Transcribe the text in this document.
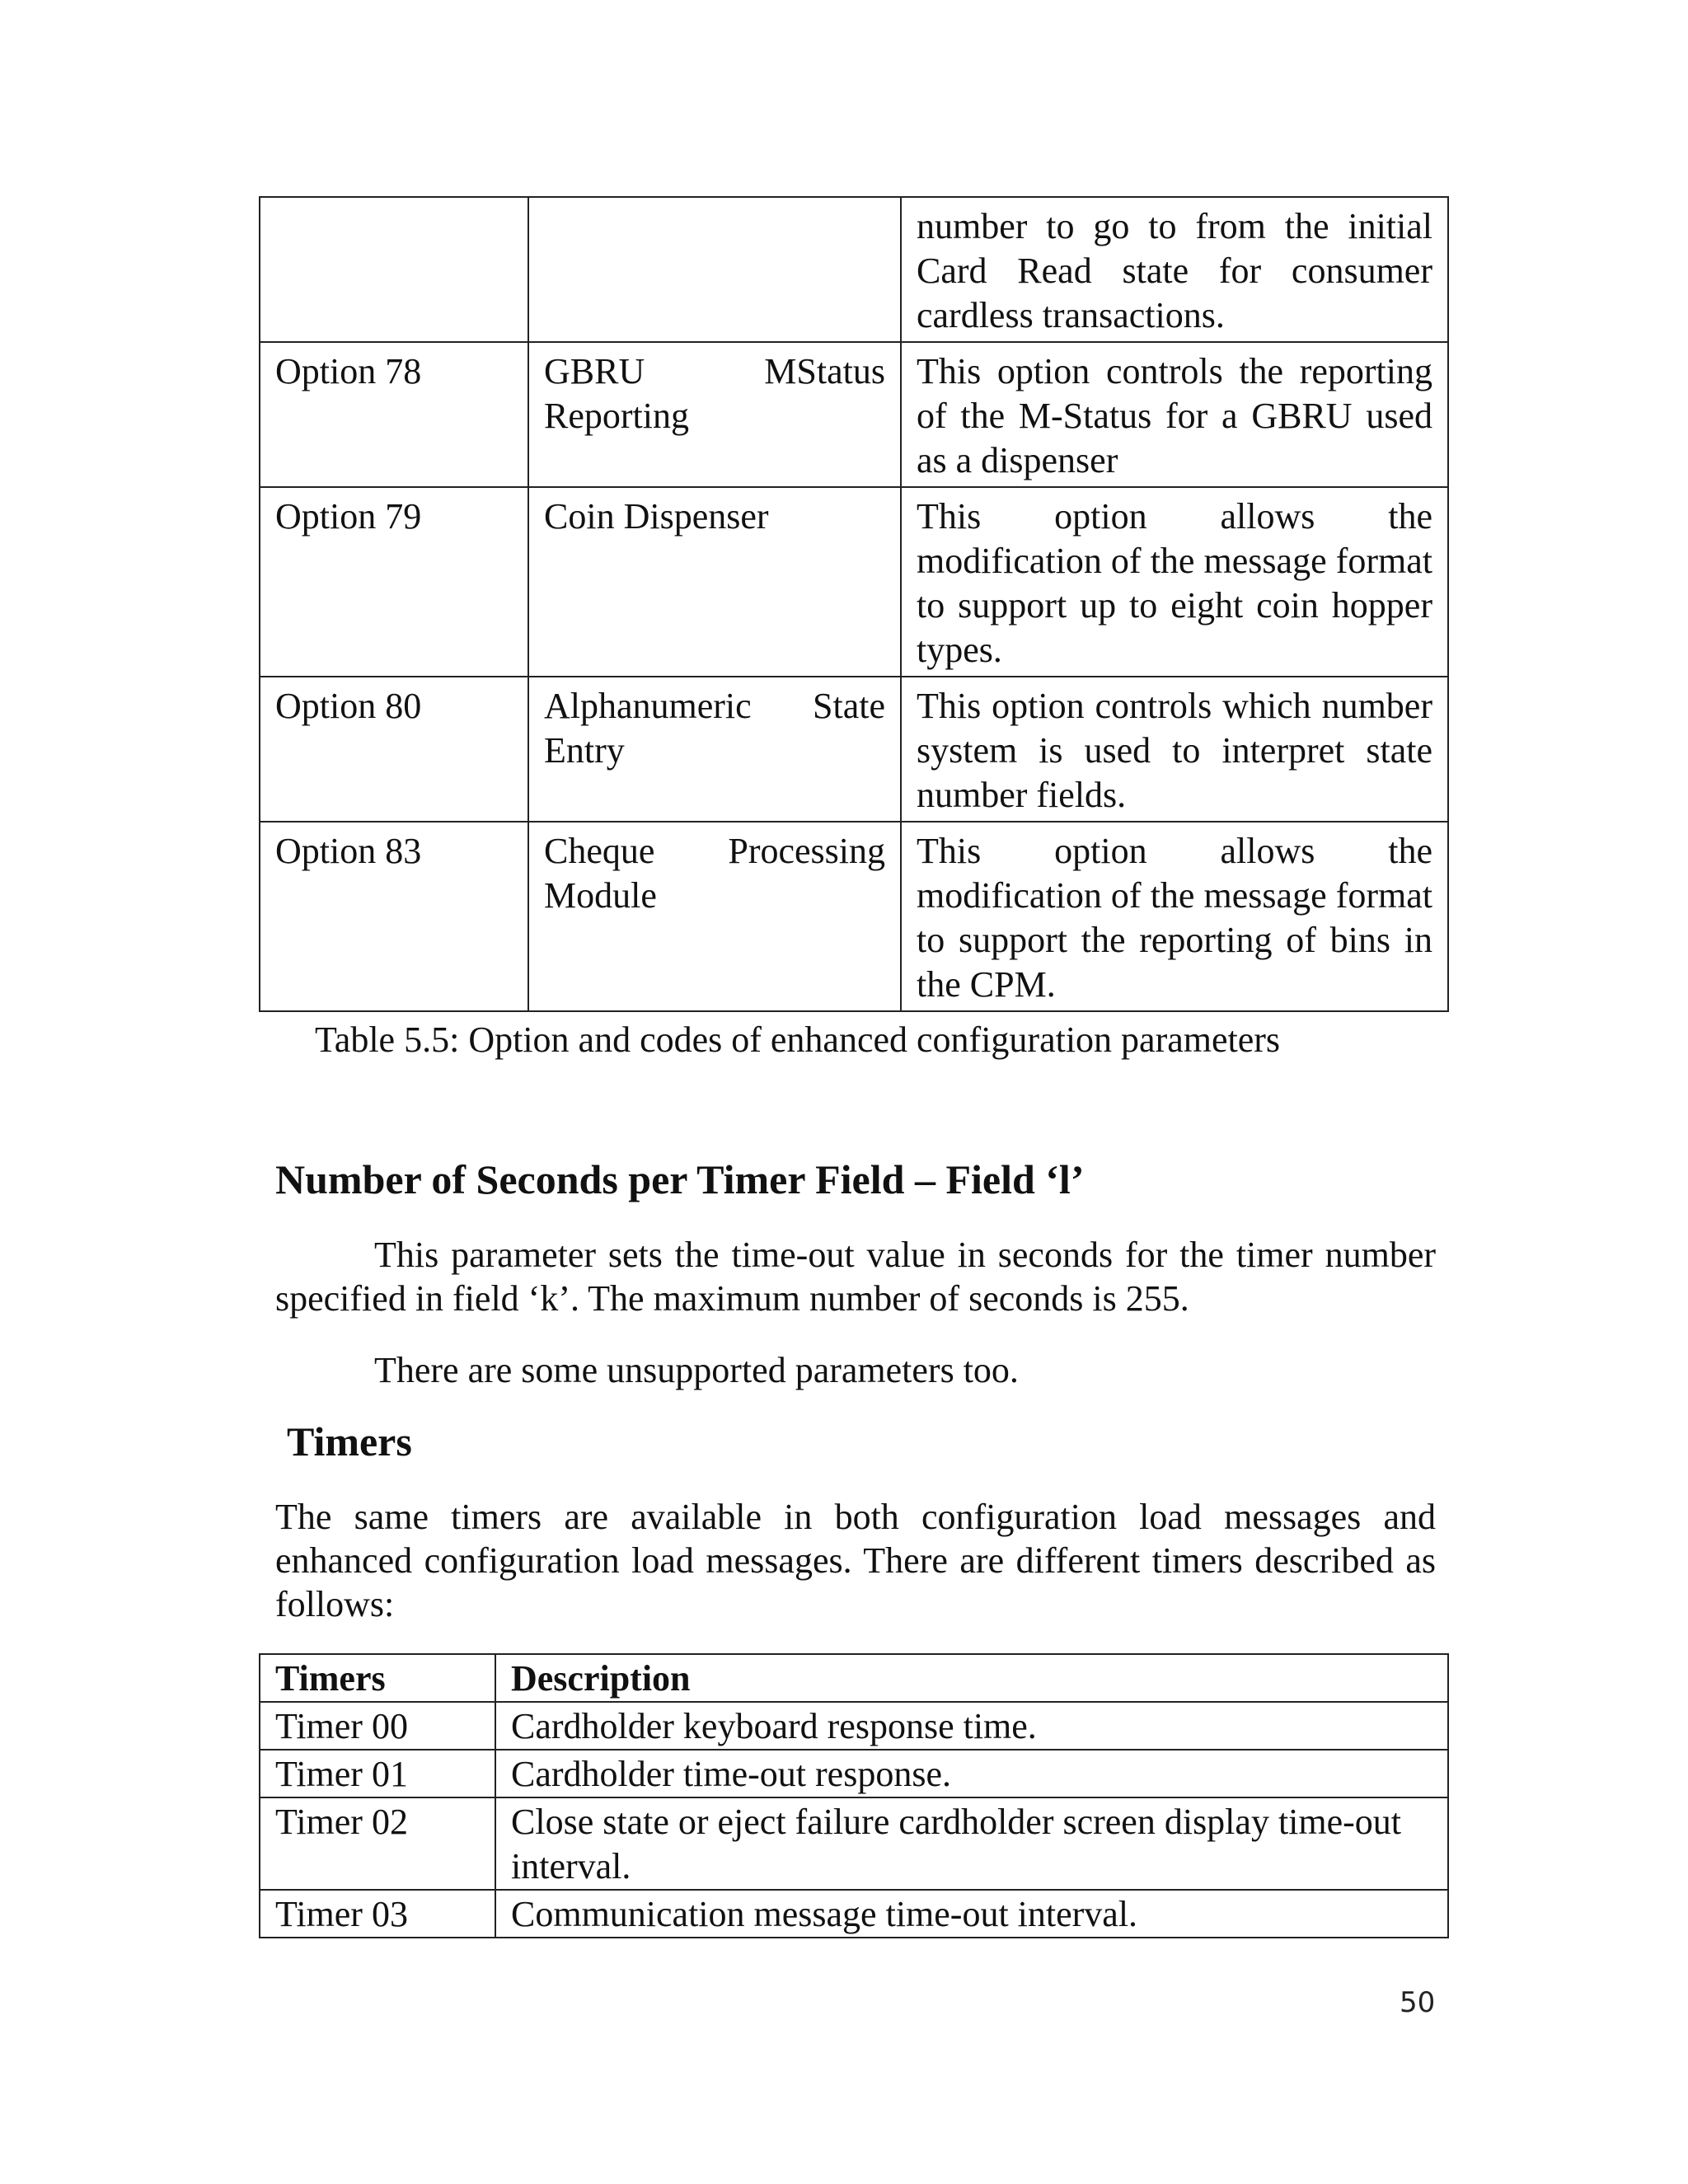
		number to go to from the initial Card Read state for consumer cardless transactions.
Option 78	GBRU MStatus Reporting	This option controls the reporting of the M-Status for a GBRU used as a dispenser
Option 79	Coin Dispenser	This option allows the modification of the message format to support up to eight coin hopper types.
Option 80	Alphanumeric State Entry	This option controls which number system is used to interpret state number fields.
Option 83	Cheque Processing Module	This option allows the modification of the message format to support the reporting of bins in the CPM.
Table 5.5: Option and codes of enhanced configuration parameters
Number of Seconds per Timer Field – Field ‘l’
This parameter sets the time-out value in seconds for the timer number specified in field ‘k’. The maximum number of seconds is 255.
There are some unsupported parameters too.
Timers
The same timers are available in both configuration load messages and enhanced configuration load messages. There are different timers described as follows:
Timers	Description
Timer 00	Cardholder keyboard response time.
Timer 01	Cardholder time-out response.
Timer 02	Close state or eject failure cardholder screen display time-out interval.
Timer 03	Communication message time-out interval.
50
